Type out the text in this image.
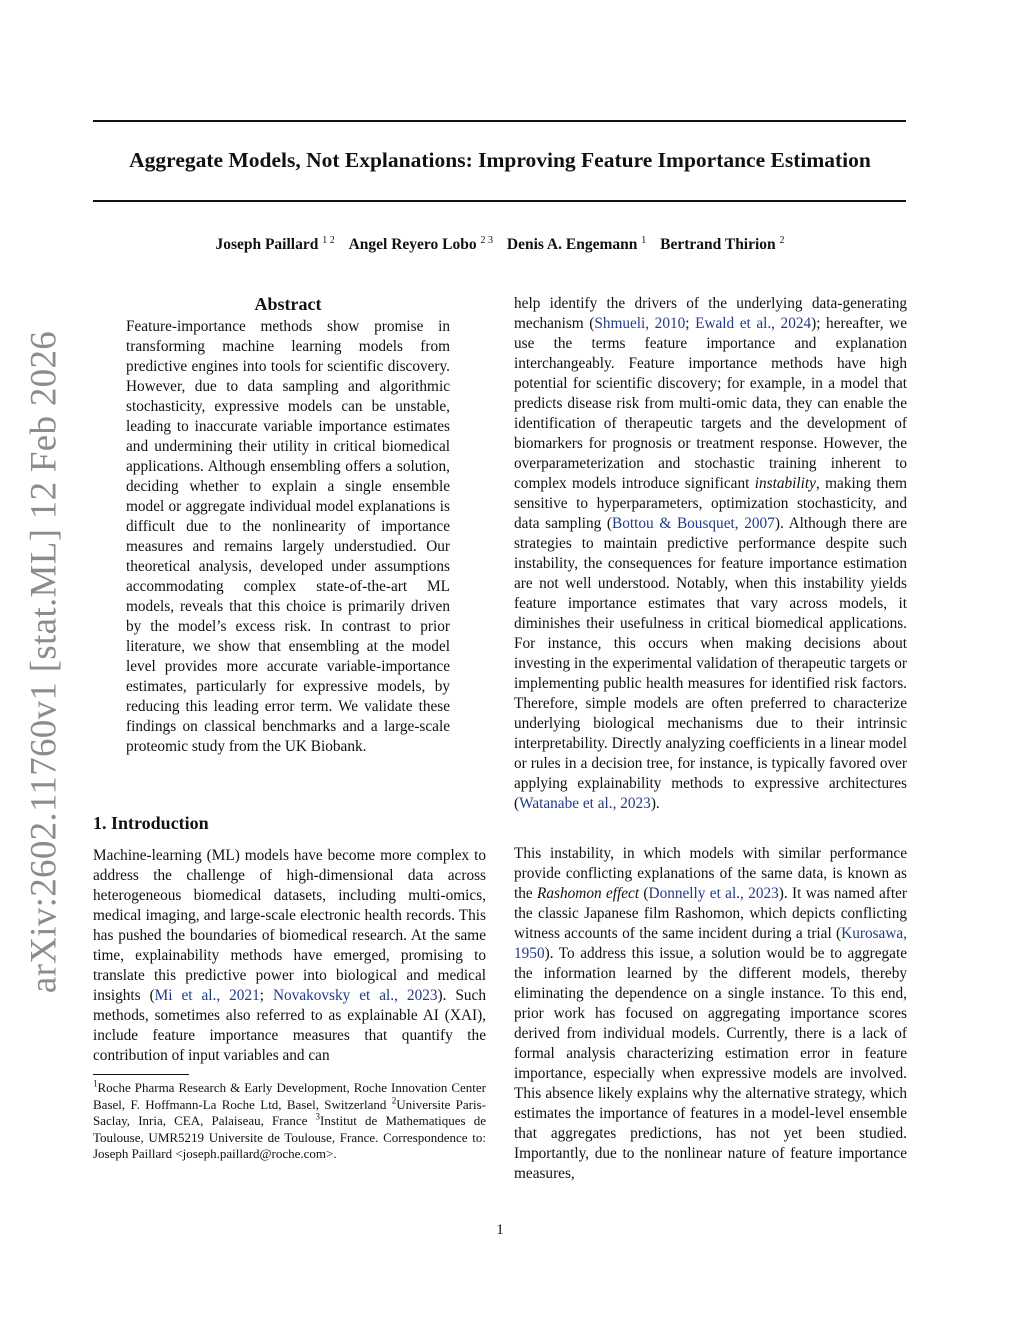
arXiv:2602.11760v1 [stat.ML] 12 Feb 2026
Aggregate Models, Not Explanations: Improving Feature Importance Estimation
Joseph Paillard $^{1 2}$ Angel Reyero Lobo $^{2 3}$ Denis A. Engemann $^1$ Bertrand Thirion $^2$
Abstract

Feature-importance methods show promise in transforming machine learning models from predictive engines into tools for scientific discovery. However, due to data sampling and algorithmic stochasticity, expressive models can be unstable, leading to inaccurate variable importance estimates and undermining their utility in critical biomedical applications. Although ensembling offers a solution, deciding whether to explain a single ensemble model or aggregate individual model explanations is difficult due to the nonlinearity of importance measures and remains largely understudied. Our theoretical analysis, developed under assumptions accommodating complex state-of-the-art ML models, reveals that this choice is primarily driven by the model’s excess risk. In contrast to prior literature, we show that ensembling at the model level provides more accurate variable-importance estimates, particularly for expressive models, by reducing this leading error term. We validate these findings on classical benchmarks and a large-scale proteomic study from the UK Biobank.

1. Introduction

Machine-learning (ML) models have become more complex to address the challenge of high-dimensional data across heterogeneous biomedical datasets, including multi-omics, medical imaging, and large-scale electronic health records. This has pushed the boundaries of biomedical research. At the same time, explainability methods have emerged, promising to translate this predictive power into biological and medical insights (Mi et al., 2021; Novakovsky et al., 2023). Such methods, sometimes also referred to as explainable AI (XAI), include feature importance measures that quantify the contribution of input variables and can

$^1$Roche Pharma Research & Early Development, Roche Innovation Center Basel, F. Hoffmann-La Roche Ltd, Basel, Switzerland $^2$Universite Paris-Saclay, Inria, CEA, Palaiseau, France $^3$Institut de Mathematiques de Toulouse, UMR5219 Universite de Toulouse, France. Correspondence to: Joseph Paillard <joseph.paillard@roche.com>.

help identify the drivers of the underlying data-generating mechanism (Shmueli, 2010; Ewald et al., 2024); hereafter, we use the terms feature importance and explanation interchangeably. Feature importance methods have high potential for scientific discovery; for example, in a model that predicts disease risk from multi-omic data, they can enable the identification of therapeutic targets and the development of biomarkers for prognosis or treatment response. However, the overparameterization and stochastic training inherent to complex models introduce significant instability, making them sensitive to hyperparameters, optimization stochasticity, and data sampling (Bottou & Bousquet, 2007). Although there are strategies to maintain predictive performance despite such instability, the consequences for feature importance estimation are not well understood. Notably, when this instability yields feature importance estimates that vary across models, it diminishes their usefulness in critical biomedical applications. For instance, this occurs when making decisions about investing in the experimental validation of therapeutic targets or implementing public health measures for identified risk factors. Therefore, simple models are often preferred to characterize underlying biological mechanisms due to their intrinsic interpretability. Directly analyzing coefficients in a linear model or rules in a decision tree, for instance, is typically favored over applying explainability methods to expressive architectures (Watanabe et al., 2023).

This instability, in which models with similar performance provide conflicting explanations of the same data, is known as the Rashomon effect (Donnelly et al., 2023). It was named after the classic Japanese film Rashomon, which depicts conflicting witness accounts of the same incident during a trial (Kurosawa, 1950). To address this issue, a solution would be to aggregate the information learned by the different models, thereby eliminating the dependence on a single instance. To this end, prior work has focused on aggregating importance scores derived from individual models. Currently, there is a lack of formal analysis characterizing estimation error in feature importance, especially when expressive models are involved. This absence likely explains why the alternative strategy, which estimates the importance of features in a model-level ensemble that aggregates predictions, has not yet been studied. Importantly, due to the nonlinear nature of feature importance measures,

1
